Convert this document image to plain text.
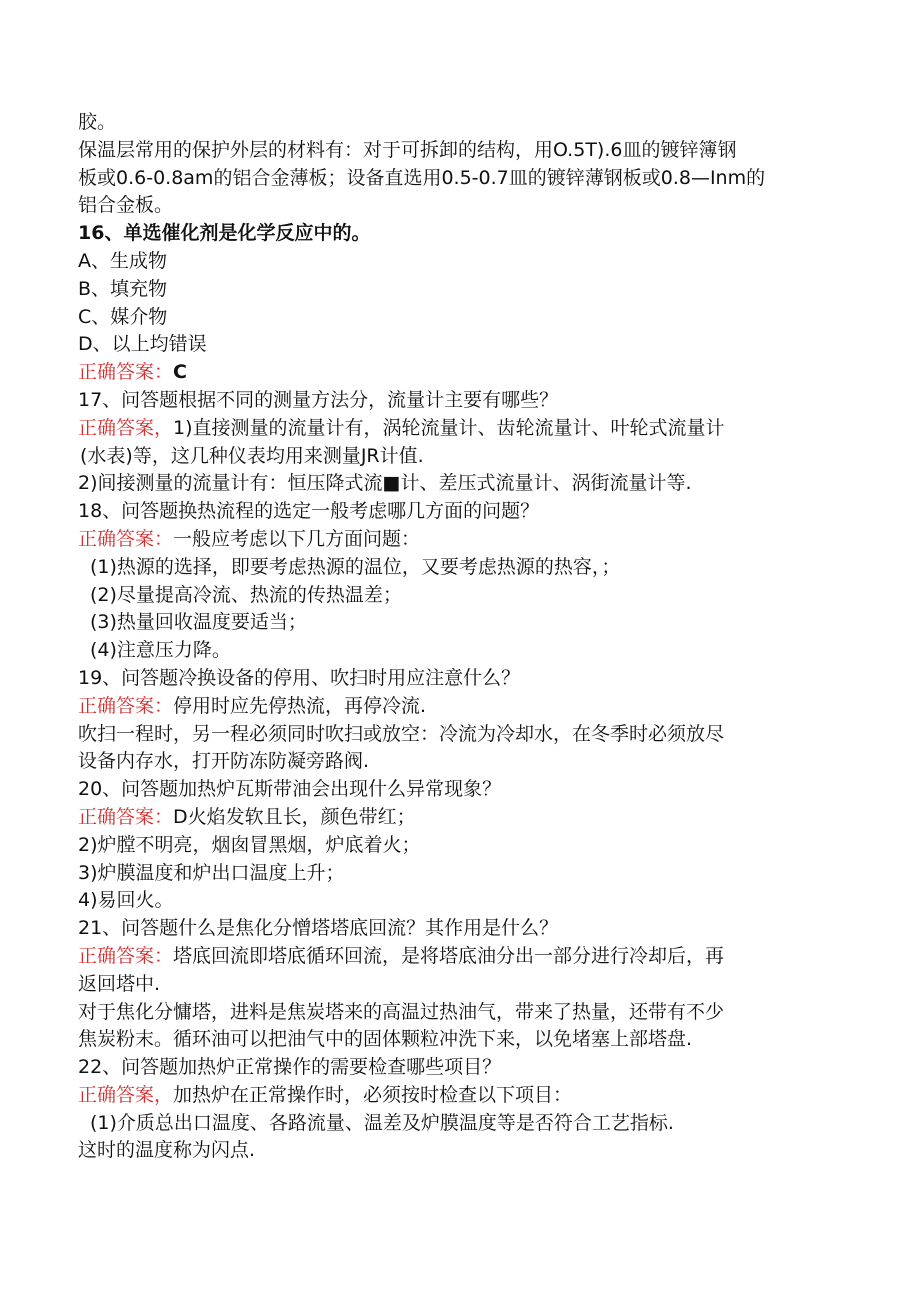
胶。
保温层常用的保护外层的材料有：对于可拆卸的结构，用O.5T).6皿的镀锌簿钢
板或0.6-0.8am的铝合金薄板；设备直选用0.5-0.7皿的镀锌薄钢板或0.8—Inm的
铝合金板。
16、单选催化剂是化学反应中的。
A、生成物
B、填充物
C、媒介物
D、以上均错误
正确答案：C
17、问答题根据不同的测量方法分，流量计主要有哪些？
正确答案，1)直接测量的流量计有，涡轮流量计、齿轮流量计、叶轮式流量计
(水表)等，这几种仪表均用来测量JR计值.
2)间接测量的流量计有：恒压降式流■计、差压式流量计、涡街流量计等.
18、问答题换热流程的选定一般考虑哪几方面的问题？
正确答案：一般应考虑以下几方面问题：
(1)热源的选择，即要考虑热源的温位，又要考虑热源的热容，；
(2)尽量提高冷流、热流的传热温差；
(3)热量回收温度要适当；
(4)注意压力降。
19、问答题冷换设备的停用、吹扫时用应注意什么？
正确答案：停用时应先停热流，再停冷流.
吹扫一程时，另一程必须同时吹扫或放空：冷流为冷却水，在冬季时必须放尽
设备内存水，打开防冻防凝旁路阀.
20、问答题加热炉瓦斯带油会出现什么异常现象？
正确答案：D火焰发软且长，颜色带红；
2)炉膛不明亮，烟囱冒黑烟，炉底着火；
3)炉膜温度和炉出口温度上升；
4)易回火。
21、问答题什么是焦化分憎塔塔底回流？其作用是什么？
正确答案：塔底回流即塔底循环回流，是将塔底油分出一部分进行冷却后，再
返回塔中.
对于焦化分慵塔，进料是焦炭塔来的高温过热油气，带来了热量，还带有不少
焦炭粉末。循环油可以把油气中的固体颗粒冲洗下来，以免堵塞上部塔盘.
22、问答题加热炉正常操作的需要检查哪些项目？
正确答案，加热炉在正常操作时，必须按时检查以下项目：
(1)介质总出口温度、各路流量、温差及炉膜温度等是否符合工艺指标.
这时的温度称为闪点.
